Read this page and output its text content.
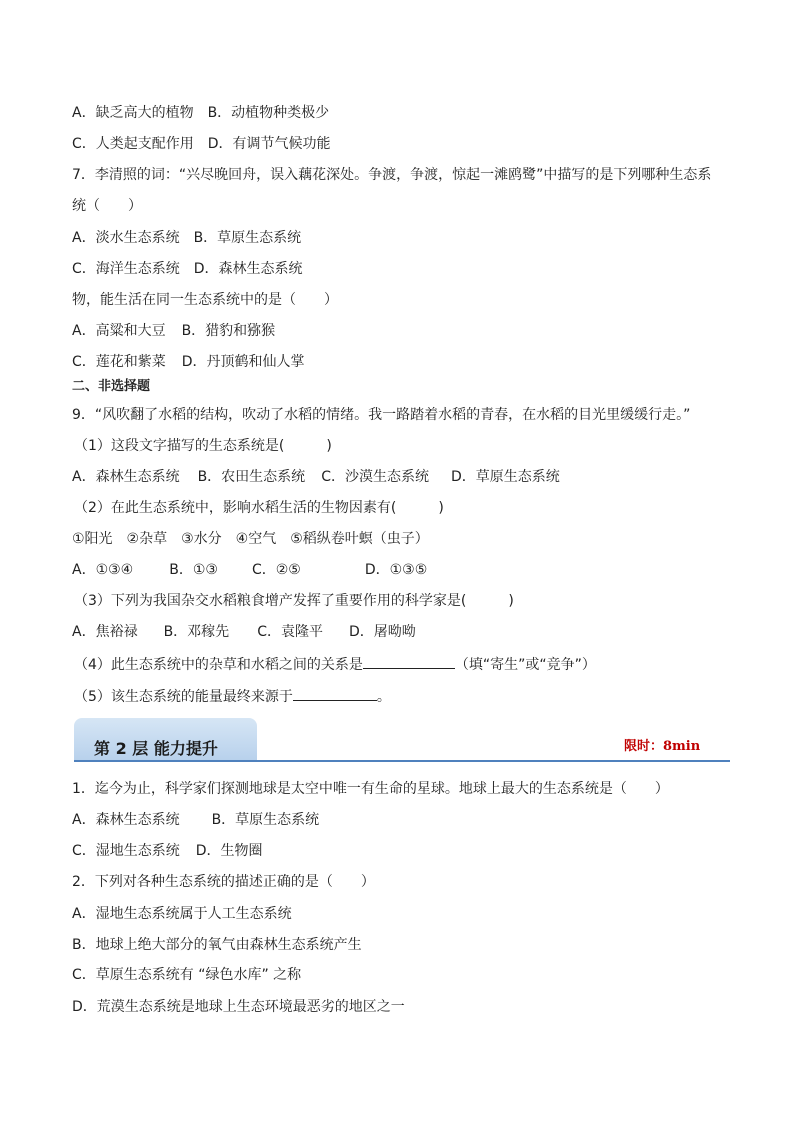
A．缺乏高大的植物 B．动植物种类极少
C．人类起支配作用 D．有调节气候功能
7．李清照的词：“兴尽晚回舟，误入藕花深处。争渡，争渡，惊起一滩鸥鹭”中描写的是下列哪种生态系
统（　　）
A．淡水生态系统 B．草原生态系统
C．海洋生态系统 D．森林生态系统
物，能生活在同一生态系统中的是（　　）
A．高粱和大豆 B．猎豹和猕猴
C．莲花和紫菜 D．丹顶鹤和仙人掌
二、非选择题
9．“风吹翻了水稻的结构，吹动了水稻的情绪。我一路踏着水稻的青春，在水稻的目光里缓缓行走。”
（1）这段文字描写的生态系统是(　　　)
A．森林生态系统 B．农田生态系统 C．沙漠生态系统 D．草原生态系统
（2）在此生态系统中，影响水稻生活的生物因素有(　　　)
①阳光　②杂草　③水分　④空气　⑤稻纵卷叶螟（虫子）
A．①③④	B．①③ C．②⑤	D．①③⑤
（3）下列为我国杂交水稻粮食增产发挥了重要作用的科学家是(　　　)
A．焦裕禄 B．邓稼先 C．袁隆平 D．屠呦呦
（4）此生态系统中的杂草和水稻之间的关系是	（填“寄生”或“竞争”）
（5）该生态系统的能量最终来源于	。
第 2 层 能力提升	限时：8min
1．迄今为止，科学家们探测地球是太空中唯一有生命的星球。地球上最大的生态系统是（　　）
A．森林生态系统 B．草原生态系统
C．湿地生态系统 D．生物圈
2．下列对各种生态系统的描述正确的是（　　）
A．湿地生态系统属于人工生态系统
B．地球上绝大部分的氧气由森林生态系统产生
C．草原生态系统有 “绿色水库” 之称
D．荒漠生态系统是地球上生态环境最恶劣的地区之一
